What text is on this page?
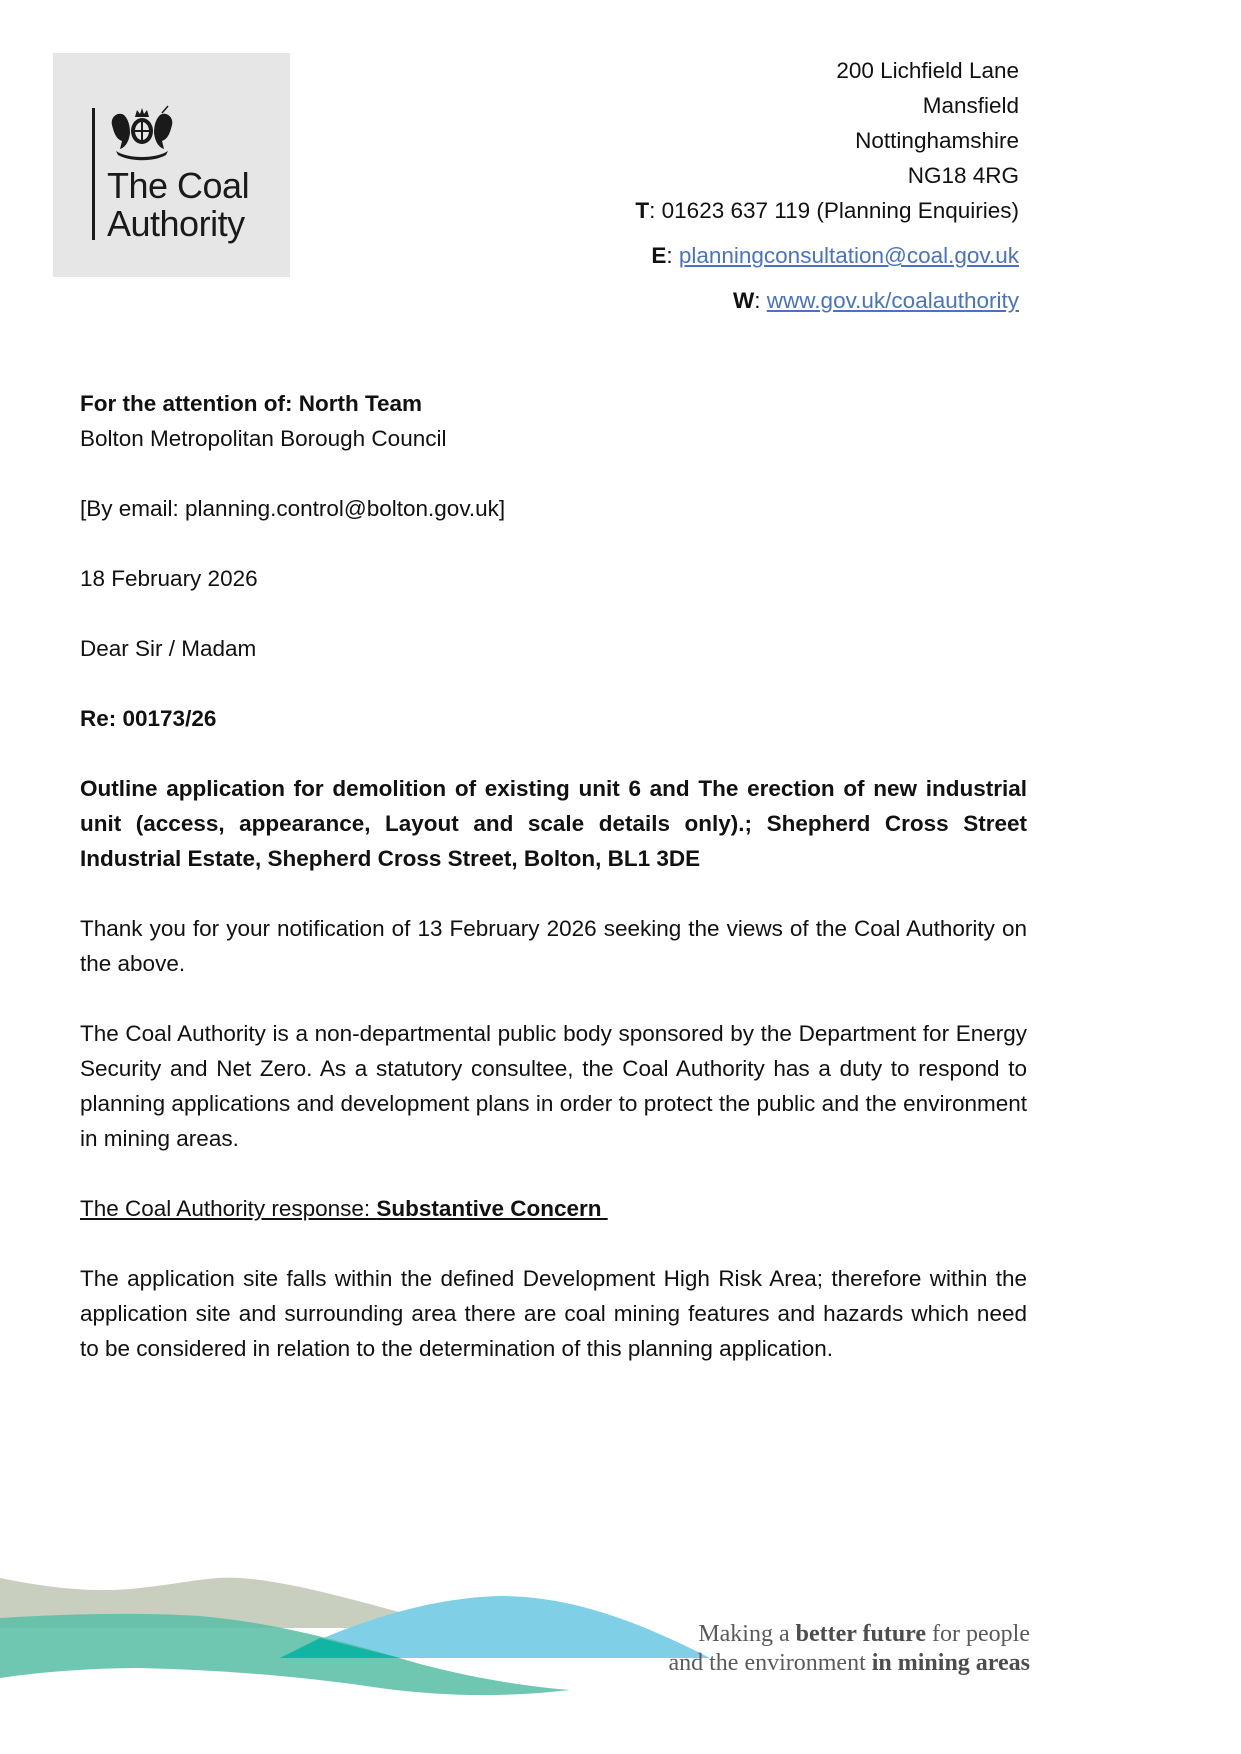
The Coal
Authority
200 Lichfield Lane
Mansfield
Nottinghamshire
NG18 4RG
T: 01623 637 119 (Planning Enquiries)
E: planningconsultation@coal.gov.uk
W: www.gov.uk/coalauthority

For the attention of: North Team

Bolton Metropolitan Borough Council

[By email: planning.control@bolton.gov.uk]

18 February 2026

Dear Sir / Madam

Re: 00173/26

Outline application for demolition of existing unit 6 and The erection of new industrial unit (access, appearance, Layout and scale details only).; Shepherd Cross Street Industrial Estate, Shepherd Cross Street, Bolton, BL1 3DE

Thank you for your notification of 13 February 2026 seeking the views of the Coal Authority on the above.

The Coal Authority is a non-departmental public body sponsored by the Department for Energy Security and Net Zero. As a statutory consultee, the Coal Authority has a duty to respond to planning applications and development plans in order to protect the public and the environment in mining areas.

The Coal Authority response: Substantive Concern

The application site falls within the defined Development High Risk Area; therefore within the application site and surrounding area there are coal mining features and hazards which need to be considered in relation to the determination of this planning application.

Making a better future for people
and the environment in mining areas
